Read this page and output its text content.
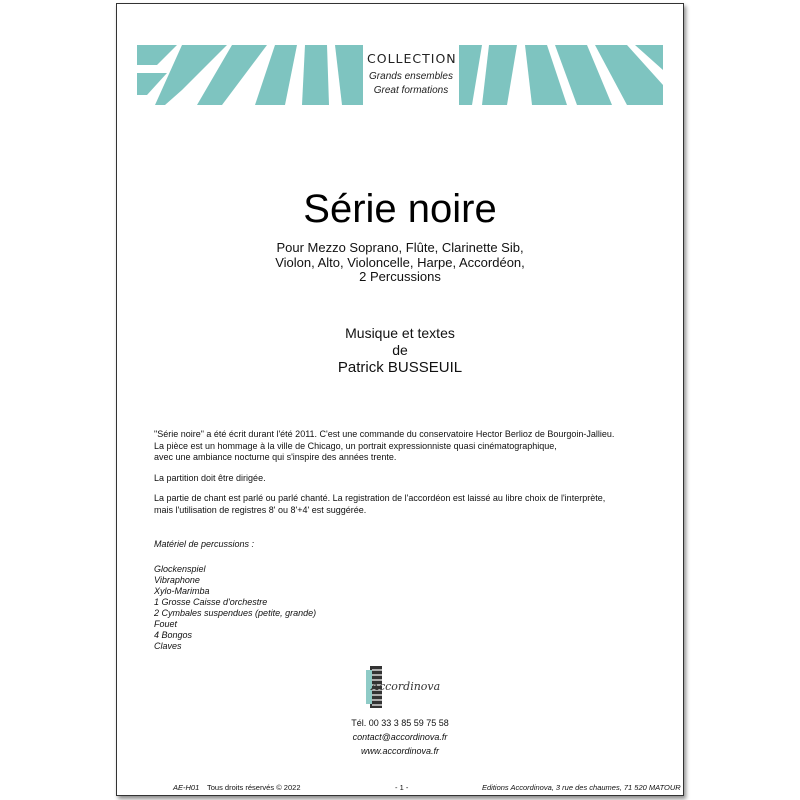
COLLECTION
Grands ensembles
Great formations
Série noire
Pour Mezzo Soprano, Flûte, Clarinette Sib,
Violon, Alto, Violoncelle, Harpe, Accordéon,
2 Percussions
Musique et textes
de
Patrick BUSSEUIL

"Série noire" a été écrit durant l'été 2011. C'est une commande du conservatoire Hector Berlioz de Bourgoin-Jallieu.
La pièce est un hommage à la ville de Chicago, un portrait expressionniste quasi cinématographique,
avec une ambiance nocturne qui s'inspire des années trente.

La partition doit être dirigée.

La partie de chant est parlé ou parlé chanté. La registration de l'accordéon est laissé au libre choix de l'interprète,
mais l'utilisation de registres 8' ou 8'+4' est suggérée.

Matériel de percussions :
Glockenspiel
Vibraphone
Xylo-Marimba
1 Grosse Caisse d'orchestre
2 Cymbales suspendues (petite, grande)
Fouet
4 Bongos
Claves
Accordinova
Tél. 00 33 3 85 59 75 58
contact@accordinova.fr
www.accordinova.fr
AE-H01 Tous droits réservés © 2022	- 1 -	Editions Accordinova, 3 rue des chaumes, 71 520 MATOUR
